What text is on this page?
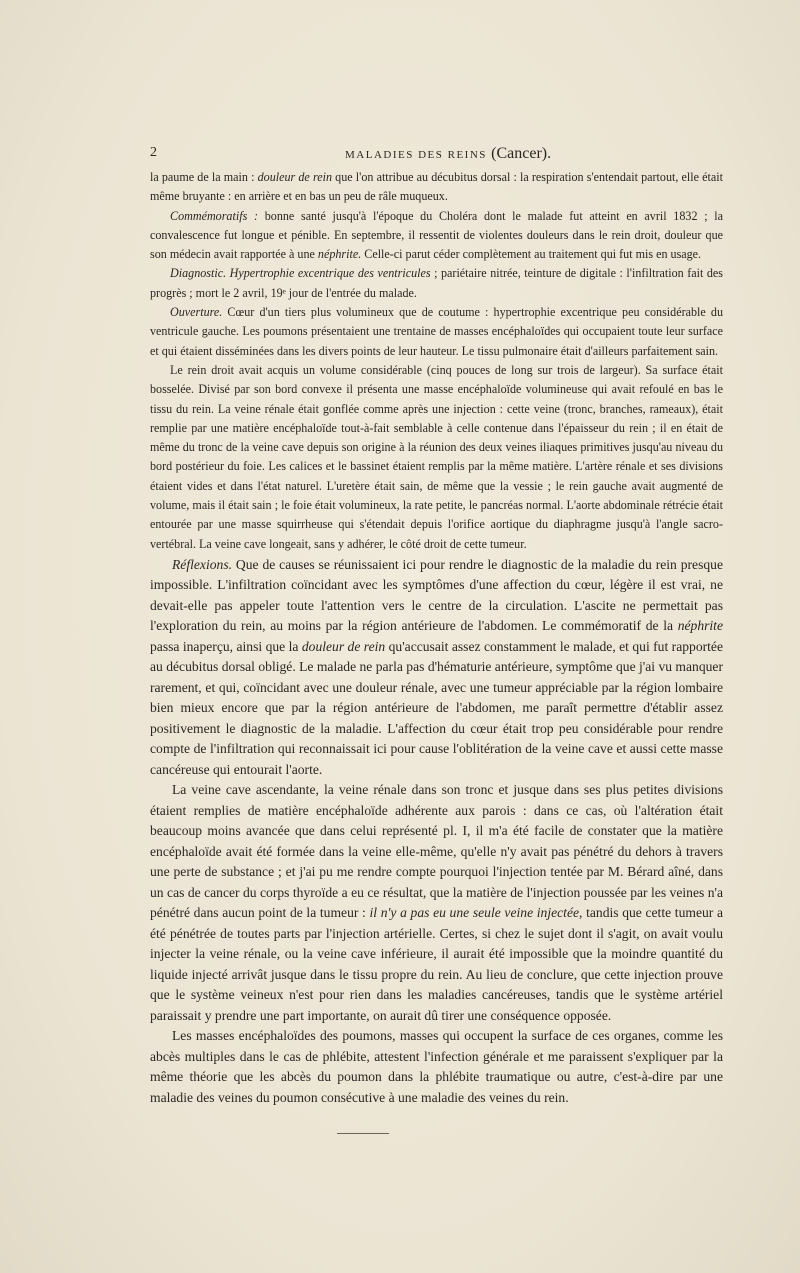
2	MALADIES DES REINS (Cancer).

la paume de la main : douleur de rein que l'on attribue au décubitus dorsal : la respiration s'entendait partout, elle était même bruyante : en arrière et en bas un peu de râle muqueux.

Commémoratifs : bonne santé jusqu'à l'époque du Choléra dont le malade fut atteint en avril 1832 ; la convalescence fut longue et pénible. En septembre, il ressentit de violentes douleurs dans le rein droit, douleur que son médecin avait rapportée à une néphrite. Celle-ci parut céder complètement au traitement qui fut mis en usage.

Diagnostic. Hypertrophie excentrique des ventricules ; pariétaire nitrée, teinture de digitale : l'infiltration fait des progrès ; mort le 2 avril, 19ᵉ jour de l'entrée du malade.

Ouverture. Cœur d'un tiers plus volumineux que de coutume : hypertrophie excentrique peu considérable du ventricule gauche. Les poumons présentaient une trentaine de masses encéphaloïdes qui occupaient toute leur surface et qui étaient disséminées dans les divers points de leur hauteur. Le tissu pulmonaire était d'ailleurs parfaitement sain.

Le rein droit avait acquis un volume considérable (cinq pouces de long sur trois de largeur). Sa surface était bosselée. Divisé par son bord convexe il présenta une masse encéphaloïde volumineuse qui avait refoulé en bas le tissu du rein. La veine rénale était gonflée comme après une injection : cette veine (tronc, branches, rameaux), était remplie par une matière encéphaloïde tout-à-fait semblable à celle contenue dans l'épaisseur du rein ; il en était de même du tronc de la veine cave depuis son origine à la réunion des deux veines iliaques primitives jusqu'au niveau du bord postérieur du foie. Les calices et le bassinet étaient remplis par la même matière. L'artère rénale et ses divisions étaient vides et dans l'état naturel. L'uretère était sain, de même que la vessie ; le rein gauche avait augmenté de volume, mais il était sain ; le foie était volumineux, la rate petite, le pancréas normal. L'aorte abdominale rétrécie était entourée par une masse squirrheuse qui s'étendait depuis l'orifice aortique du diaphragme jusqu'à l'angle sacro-vertébral. La veine cave longeait, sans y adhérer, le côté droit de cette tumeur.

Réflexions. Que de causes se réunissaient ici pour rendre le diagnostic de la maladie du rein presque impossible. L'infiltration coïncidant avec les symptômes d'une affection du cœur, légère il est vrai, ne devait-elle pas appeler toute l'attention vers le centre de la circulation. L'ascite ne permettait pas l'exploration du rein, au moins par la région antérieure de l'abdomen. Le commémoratif de la néphrite passa inaperçu, ainsi que la douleur de rein qu'accusait assez constamment le malade, et qui fut rapportée au décubitus dorsal obligé. Le malade ne parla pas d'hématurie antérieure, symptôme que j'ai vu manquer rarement, et qui, coïncidant avec une douleur rénale, avec une tumeur appréciable par la région lombaire bien mieux encore que par la région antérieure de l'abdomen, me paraît permettre d'établir assez positivement le diagnostic de la maladie. L'affection du cœur était trop peu considérable pour rendre compte de l'infiltration qui reconnaissait ici pour cause l'oblitération de la veine cave et aussi cette masse cancéreuse qui entourait l'aorte.

La veine cave ascendante, la veine rénale dans son tronc et jusque dans ses plus petites divisions étaient remplies de matière encéphaloïde adhérente aux parois : dans ce cas, où l'altération était beaucoup moins avancée que dans celui représenté pl. I, il m'a été facile de constater que la matière encéphaloïde avait été formée dans la veine elle-même, qu'elle n'y avait pas pénétré du dehors à travers une perte de substance ; et j'ai pu me rendre compte pourquoi l'injection tentée par M. Bérard aîné, dans un cas de cancer du corps thyroïde a eu ce résultat, que la matière de l'injection poussée par les veines n'a pénétré dans aucun point de la tumeur : il n'y a pas eu une seule veine injectée, tandis que cette tumeur a été pénétrée de toutes parts par l'injection artérielle. Certes, si chez le sujet dont il s'agit, on avait voulu injecter la veine rénale, ou la veine cave inférieure, il aurait été impossible que la moindre quantité du liquide injecté arrivât jusque dans le tissu propre du rein. Au lieu de conclure, que cette injection prouve que le système veineux n'est pour rien dans les maladies cancéreuses, tandis que le système artériel paraissait y prendre une part importante, on aurait dû tirer une conséquence opposée.

Les masses encéphaloïdes des poumons, masses qui occupent la surface de ces organes, comme les abcès multiples dans le cas de phlébite, attestent l'infection générale et me paraissent s'expliquer par la même théorie que les abcès du poumon dans la phlébite traumatique ou autre, c'est-à-dire par une maladie des veines du poumon consécutive à une maladie des veines du rein.
